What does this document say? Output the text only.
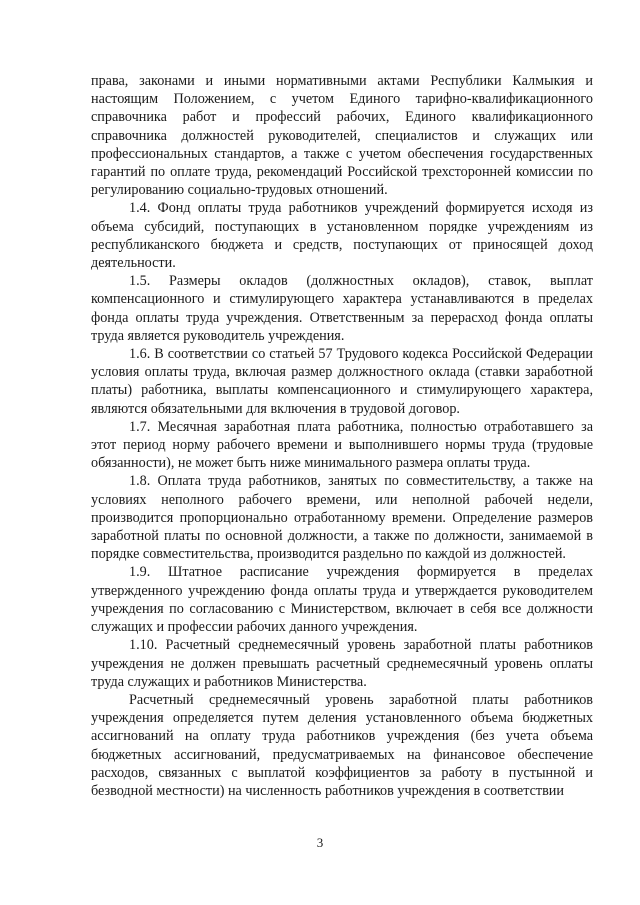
права, законами и иными нормативными актами Республики Калмыкия и настоящим Положением, с учетом Единого тарифно-квалификационного справочника работ и профессий рабочих, Единого квалификационного справочника должностей руководителей, специалистов и служащих или профессиональных стандартов, а также с учетом обеспечения государственных гарантий по оплате труда, рекомендаций Российской трехсторонней комиссии по регулированию социально-трудовых отношений.

1.4. Фонд оплаты труда работников учреждений формируется исходя из объема субсидий, поступающих в установленном порядке учреждениям из республиканского бюджета и средств, поступающих от приносящей доход деятельности.

1.5. Размеры окладов (должностных окладов), ставок, выплат компенсационного и стимулирующего характера устанавливаются в пределах фонда оплаты труда учреждения. Ответственным за перерасход фонда оплаты труда является руководитель учреждения.

1.6. В соответствии со статьей 57 Трудового кодекса Российской Федерации условия оплаты труда, включая размер должностного оклада (ставки заработной платы) работника, выплаты компенсационного и стимулирующего характера, являются обязательными для включения в трудовой договор.

1.7. Месячная заработная плата работника, полностью отработавшего за этот период норму рабочего времени и выполнившего нормы труда (трудовые обязанности), не может быть ниже минимального размера оплаты труда.

1.8. Оплата труда работников, занятых по совместительству, а также на условиях неполного рабочего времени, или неполной рабочей недели, производится пропорционально отработанному времени. Определение размеров заработной платы по основной должности, а также по должности, занимаемой в порядке совместительства, производится раздельно по каждой из должностей.

1.9. Штатное расписание учреждения формируется в пределах утвержденного учреждению фонда оплаты труда и утверждается руководителем учреждения по согласованию с Министерством, включает в себя все должности служащих и профессии рабочих данного учреждения.

1.10. Расчетный среднемесячный уровень заработной платы работников учреждения не должен превышать расчетный среднемесячный уровень оплаты труда служащих и работников Министерства.

Расчетный среднемесячный уровень заработной платы работников учреждения определяется путем деления установленного объема бюджетных ассигнований на оплату труда работников учреждения (без учета объема бюджетных ассигнований, предусматриваемых на финансовое обеспечение расходов, связанных с выплатой коэффициентов за работу в пустынной и безводной местности) на численность работников учреждения в соответствии

3
